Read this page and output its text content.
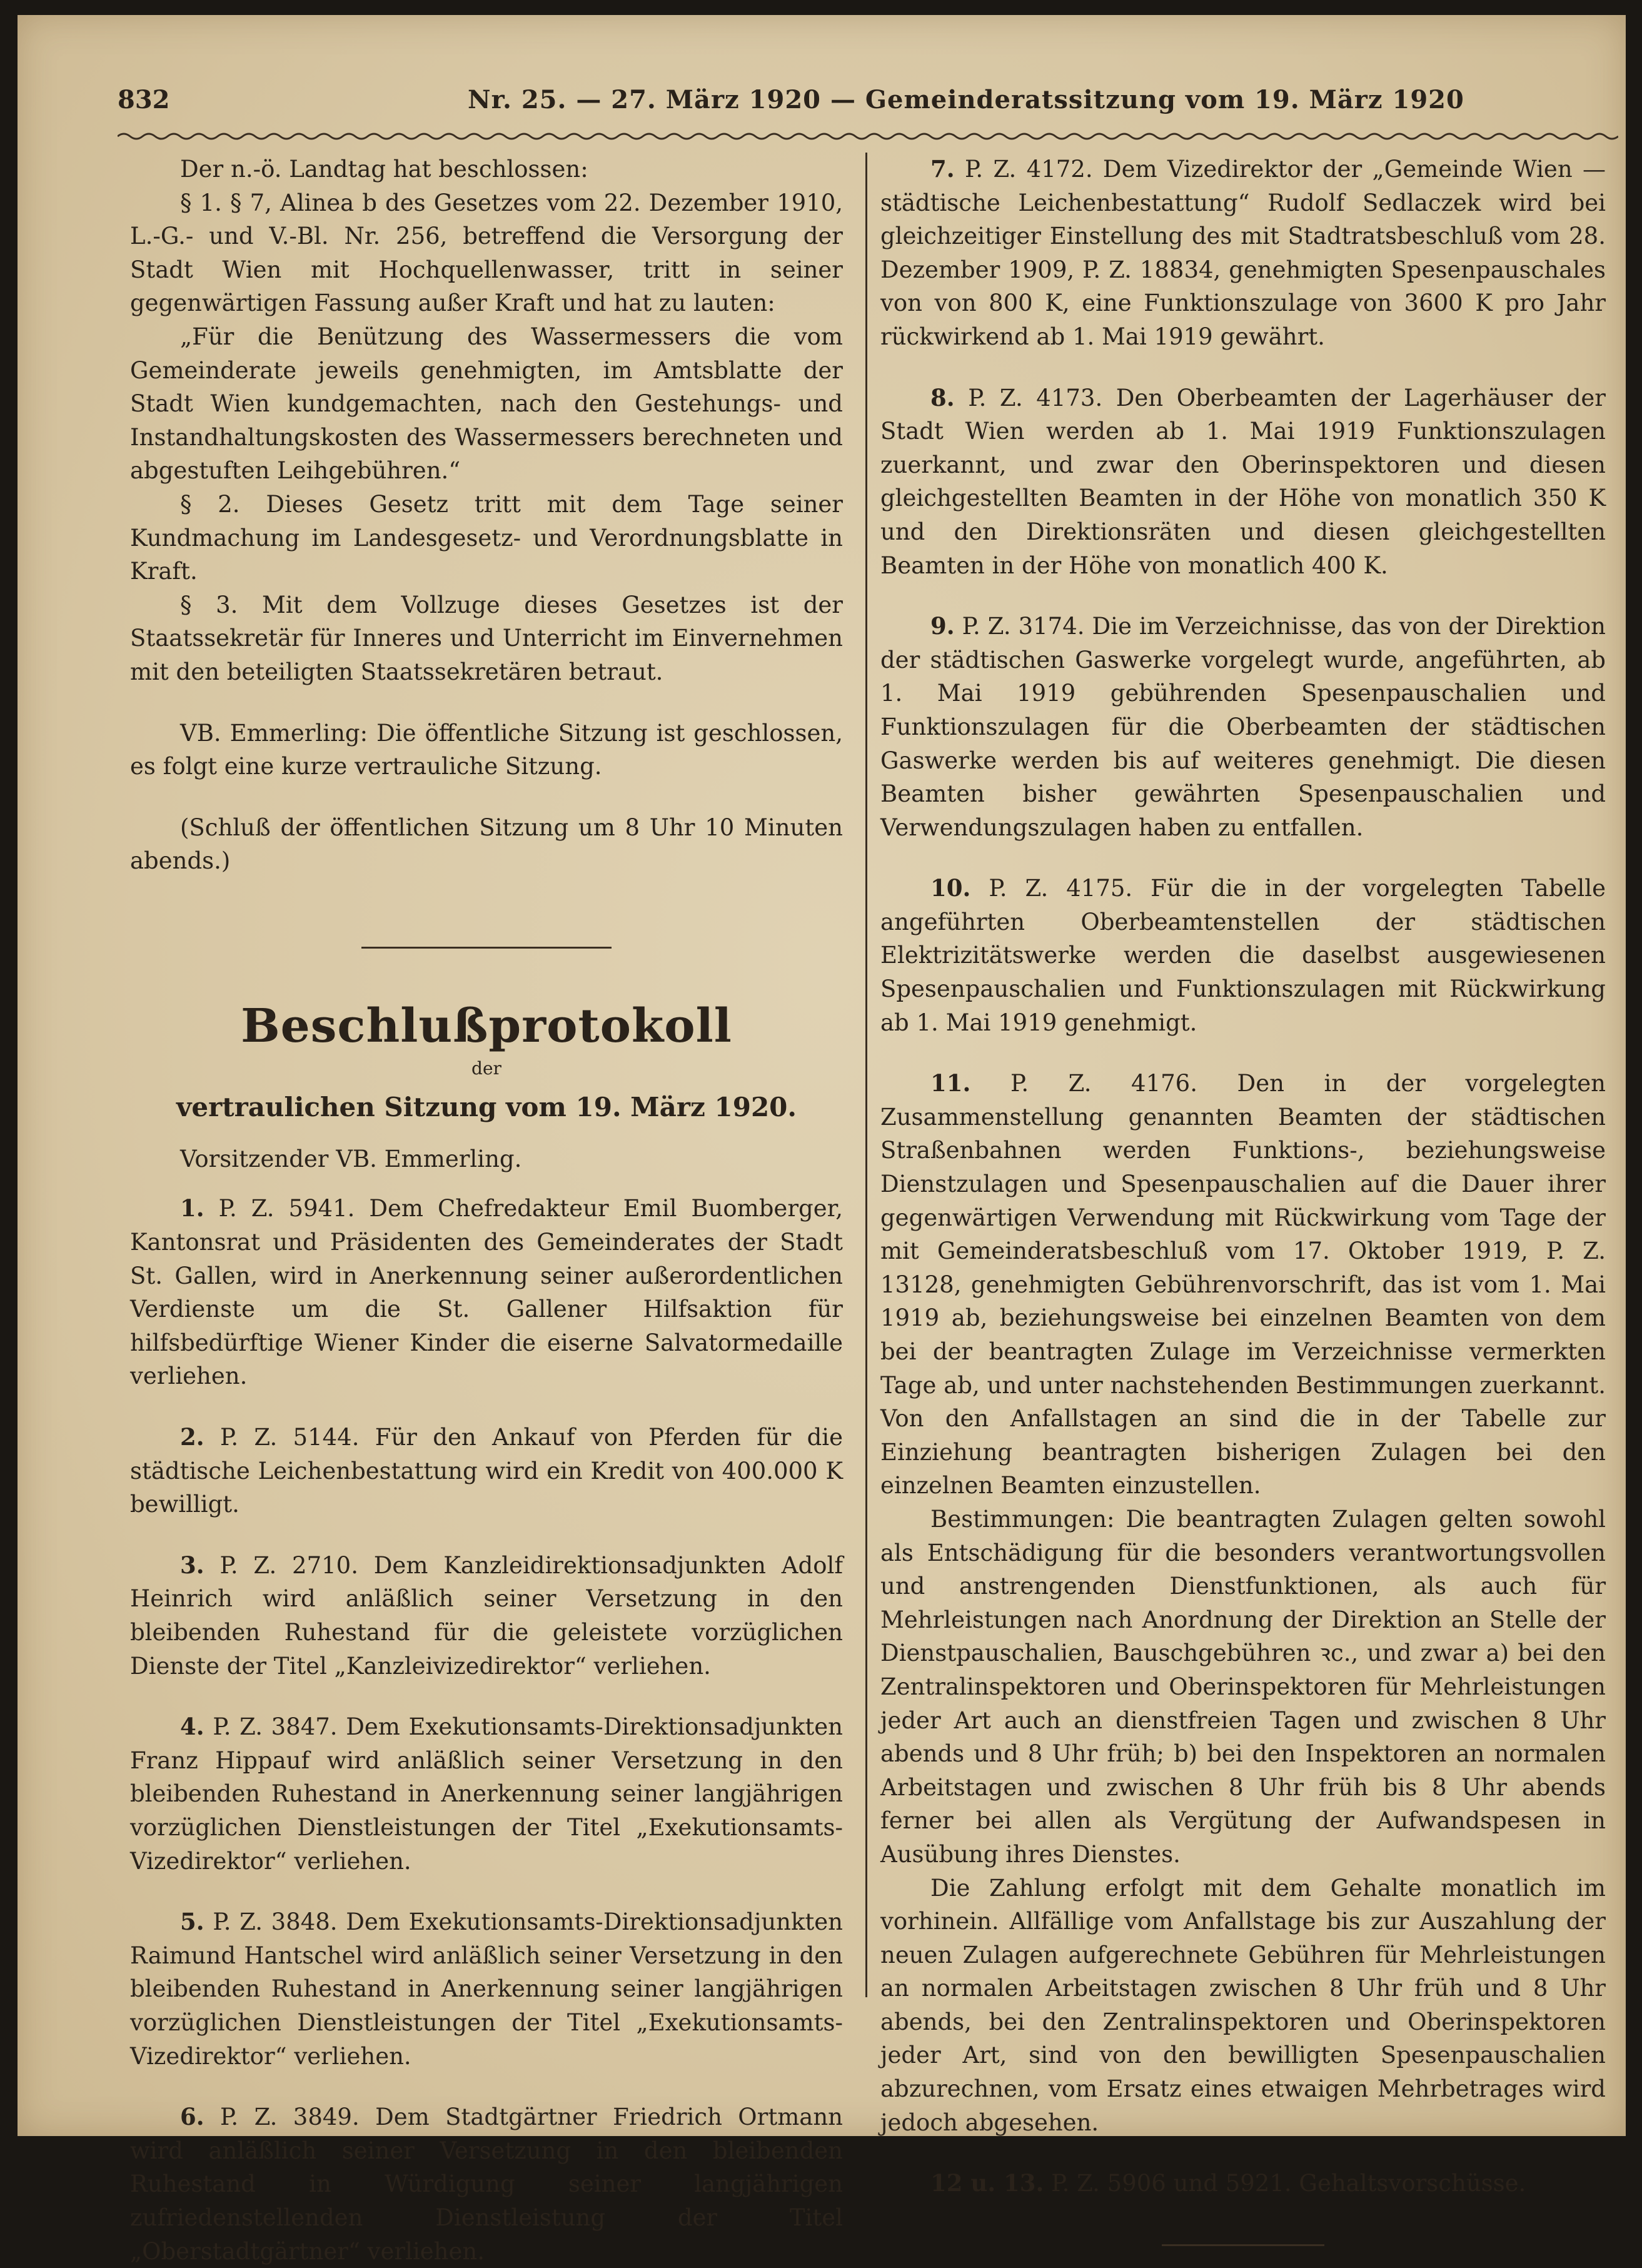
832	Nr. 25. — 27. März 1920 — Gemeinderatssitzung vom 19. März 1920

Der n.-ö. Landtag hat beschlossen:

§ 1. § 7, Alinea b des Gesetzes vom 22. Dezember 1910, L.-G.- und V.-Bl. Nr. 256, betreffend die Versorgung der Stadt Wien mit Hochquellenwasser, tritt in seiner gegenwärtigen Fassung außer Kraft und hat zu lauten:

„Für die Benützung des Wassermessers die vom Gemeinderate jeweils genehmigten, im Amtsblatte der Stadt Wien kundgemachten, nach den Gestehungs- und Instandhaltungskosten des Wassermessers berechneten und abgestuften Leihgebühren.“

§ 2. Dieses Gesetz tritt mit dem Tage seiner Kundmachung im Landesgesetz- und Verordnungsblatte in Kraft.

§ 3. Mit dem Vollzuge dieses Gesetzes ist der Staatssekretär für Inneres und Unterricht im Einvernehmen mit den beteiligten Staatssekretären betraut.

VB. Emmerling: Die öffentliche Sitzung ist geschlossen, es folgt eine kurze vertrauliche Sitzung.

(Schluß der öffentlichen Sitzung um 8 Uhr 10 Minuten abends.)

Beschlußprotokoll
der
vertraulichen Sitzung vom 19. März 1920.

Vorsitzender VB. Emmerling.

1. P. Z. 5941. Dem Chefredakteur Emil Buomberger, Kantonsrat und Präsidenten des Gemeinderates der Stadt St. Gallen, wird in Anerkennung seiner außerordentlichen Verdienste um die St. Gallener Hilfsaktion für hilfsbedürftige Wiener Kinder die eiserne Salvatormedaille verliehen.

2. P. Z. 5144. Für den Ankauf von Pferden für die städtische Leichenbestattung wird ein Kredit von 400.000 K bewilligt.

3. P. Z. 2710. Dem Kanzleidirektionsadjunkten Adolf Heinrich wird anläßlich seiner Versetzung in den bleibenden Ruhestand für die geleistete vorzüglichen Dienste der Titel „Kanzleivizedirektor“ verliehen.

4. P. Z. 3847. Dem Exekutionsamts-Direktionsadjunkten Franz Hippauf wird anläßlich seiner Versetzung in den bleibenden Ruhestand in Anerkennung seiner langjährigen vorzüglichen Dienstleistungen der Titel „Exekutionsamts-Vizedirektor“ verliehen.

5. P. Z. 3848. Dem Exekutionsamts-Direktionsadjunkten Raimund Hantschel wird anläßlich seiner Versetzung in den bleibenden Ruhestand in Anerkennung seiner langjährigen vorzüglichen Dienstleistungen der Titel „Exekutionsamts-Vizedirektor“ verliehen.

6. P. Z. 3849. Dem Stadtgärtner Friedrich Ortmann wird anläßlich seiner Versetzung in den bleibenden Ruhestand in Würdigung seiner langjährigen zufriedenstellenden Dienstleistung der Titel „Oberstadtgärtner“ verliehen.

7. P. Z. 4172. Dem Vizedirektor der „Gemeinde Wien — städtische Leichenbestattung“ Rudolf Sedlaczek wird bei gleichzeitiger Einstellung des mit Stadtratsbeschluß vom 28. Dezember 1909, P. Z. 18834, genehmigten Spesenpauschales von von 800 K, eine Funktionszulage von 3600 K pro Jahr rückwirkend ab 1. Mai 1919 gewährt.

8. P. Z. 4173. Den Oberbeamten der Lagerhäuser der Stadt Wien werden ab 1. Mai 1919 Funktionszulagen zuerkannt, und zwar den Oberinspektoren und diesen gleichgestellten Beamten in der Höhe von monatlich 350 K und den Direktionsräten und diesen gleichgestellten Beamten in der Höhe von monatlich 400 K.

9. P. Z. 3174. Die im Verzeichnisse, das von der Direktion der städtischen Gaswerke vorgelegt wurde, angeführten, ab 1. Mai 1919 gebührenden Spesenpauschalien und Funktionszulagen für die Oberbeamten der städtischen Gaswerke werden bis auf weiteres genehmigt. Die diesen Beamten bisher gewährten Spesenpauschalien und Verwendungszulagen haben zu entfallen.

10. P. Z. 4175. Für die in der vorgelegten Tabelle angeführten Oberbeamtenstellen der städtischen Elektrizitätswerke werden die daselbst ausgewiesenen Spesenpauschalien und Funktionszulagen mit Rückwirkung ab 1. Mai 1919 genehmigt.

11. P. Z. 4176. Den in der vorgelegten Zusammenstellung genannten Beamten der städtischen Straßenbahnen werden Funktions-, beziehungsweise Dienstzulagen und Spesenpauschalien auf die Dauer ihrer gegenwärtigen Verwendung mit Rückwirkung vom Tage der mit Gemeinderatsbeschluß vom 17. Oktober 1919, P. Z. 13128, genehmigten Gebührenvorschrift, das ist vom 1. Mai 1919 ab, beziehungsweise bei einzelnen Beamten von dem bei der beantragten Zulage im Verzeichnisse vermerkten Tage ab, und unter nachstehenden Bestimmungen zuerkannt. Von den Anfallstagen an sind die in der Tabelle zur Einziehung beantragten bisherigen Zulagen bei den einzelnen Beamten einzustellen.

Bestimmungen: Die beantragten Zulagen gelten sowohl als Entschädigung für die besonders verantwortungsvollen und anstrengenden Dienstfunktionen, als auch für Mehrleistungen nach Anordnung der Direktion an Stelle der Dienstpauschalien, Bauschgebühren ꝛc., und zwar a) bei den Zentralinspektoren und Oberinspektoren für Mehrleistungen jeder Art auch an dienstfreien Tagen und zwischen 8 Uhr abends und 8 Uhr früh; b) bei den Inspektoren an normalen Arbeitstagen und zwischen 8 Uhr früh bis 8 Uhr abends ferner bei allen als Vergütung der Aufwandspesen in Ausübung ihres Dienstes.

Die Zahlung erfolgt mit dem Gehalte monatlich im vorhinein. Allfällige vom Anfallstage bis zur Auszahlung der neuen Zulagen aufgerechnete Gebühren für Mehrleistungen an normalen Arbeitstagen zwischen 8 Uhr früh und 8 Uhr abends, bei den Zentralinspektoren und Oberinspektoren jeder Art, sind von den bewilligten Spesenpauschalien abzurechnen, vom Ersatz eines etwaigen Mehrbetrages wird jedoch abgesehen.

12 u. 13. P. Z. 5906 und 5921. Gehaltsvorschüsse.
